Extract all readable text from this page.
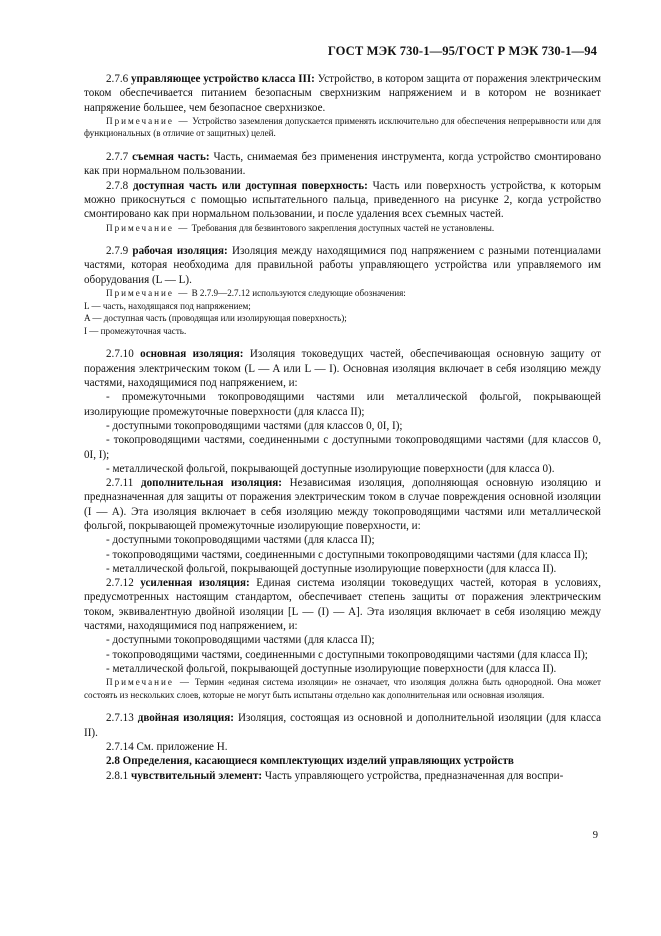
ГОСТ МЭК 730-1—95/ГОСТ Р МЭК 730-1—94

2.7.6 управляющее устройство класса III: Устройство, в котором защита от поражения электрическим током обеспечивается питанием безопасным сверхнизким напряжением и в котором не возникает напряжение большее, чем безопасное сверхнизкое.

Примечание — Устройство заземления допускается применять исключительно для обеспечения непрерывности или для функциональных (в отличие от защитных) целей.

2.7.7 съемная часть: Часть, снимаемая без применения инструмента, когда устройство смонтировано как при нормальном пользовании.

2.7.8 доступная часть или доступная поверхность: Часть или поверхность устройства, к которым можно прикоснуться с помощью испытательного пальца, приведенного на рисунке 2, когда устройство смонтировано как при нормальном пользовании, и после удаления всех съемных частей.

Примечание — Требования для безвинтового закрепления доступных частей не установлены.

2.7.9 рабочая изоляция: Изоляция между находящимися под напряжением с разными потенциалами частями, которая необходима для правильной работы управляющего устройства или управляемого им оборудования (L — L).

Примечание — В 2.7.9—2.7.12 используются следующие обозначения:

L — часть, находящаяся под напряжением;

A — доступная часть (проводящая или изолирующая поверхность);

I — промежуточная часть.

2.7.10 основная изоляция: Изоляция токоведущих частей, обеспечивающая основную защиту от поражения электрическим током (L — A или L — I). Основная изоляция включает в себя изоляцию между частями, находящимися под напряжением, и:

- промежуточными токопроводящими частями или металлической фольгой, покрывающей изолирующие промежуточные поверхности (для класса II);

- доступными токопроводящими частями (для классов 0, 0I, I);

- токопроводящими частями, соединенными с доступными токопроводящими частями (для классов 0, 0I, I);

- металлической фольгой, покрывающей доступные изолирующие поверхности (для класса 0).

2.7.11 дополнительная изоляция: Независимая изоляция, дополняющая основную изоляцию и предназначенная для защиты от поражения электрическим током в случае повреждения основной изоляции (I — A). Эта изоляция включает в себя изоляцию между токопроводящими частями или металлической фольгой, покрывающей промежуточные изолирующие поверхности, и:

- доступными токопроводящими частями (для класса II);

- токопроводящими частями, соединенными с доступными токопроводящими частями (для класса II);

- металлической фольгой, покрывающей доступные изолирующие поверхности (для класса II).

2.7.12 усиленная изоляция: Единая система изоляции токоведущих частей, которая в условиях, предусмотренных настоящим стандартом, обеспечивает степень защиты от поражения электрическим током, эквивалентную двойной изоляции [L — (I) — A]. Эта изоляция включает в себя изоляцию между частями, находящимися под напряжением, и:

- доступными токопроводящими частями (для класса II);

- токопроводящими частями, соединенными с доступными токопроводящими частями (для класса II);

- металлической фольгой, покрывающей доступные изолирующие поверхности (для класса II).

Примечание — Термин «единая система изоляции» не означает, что изоляция должна быть однородной. Она может состоять из нескольких слоев, которые не могут быть испытаны отдельно как дополнительная или основная изоляция.

2.7.13 двойная изоляция: Изоляция, состоящая из основной и дополнительной изоляции (для класса II).

2.7.14 См. приложение Н.

2.8 Определения, касающиеся комплектующих изделий управляющих устройств

2.8.1 чувствительный элемент: Часть управляющего устройства, предназначенная для воспри-

9
